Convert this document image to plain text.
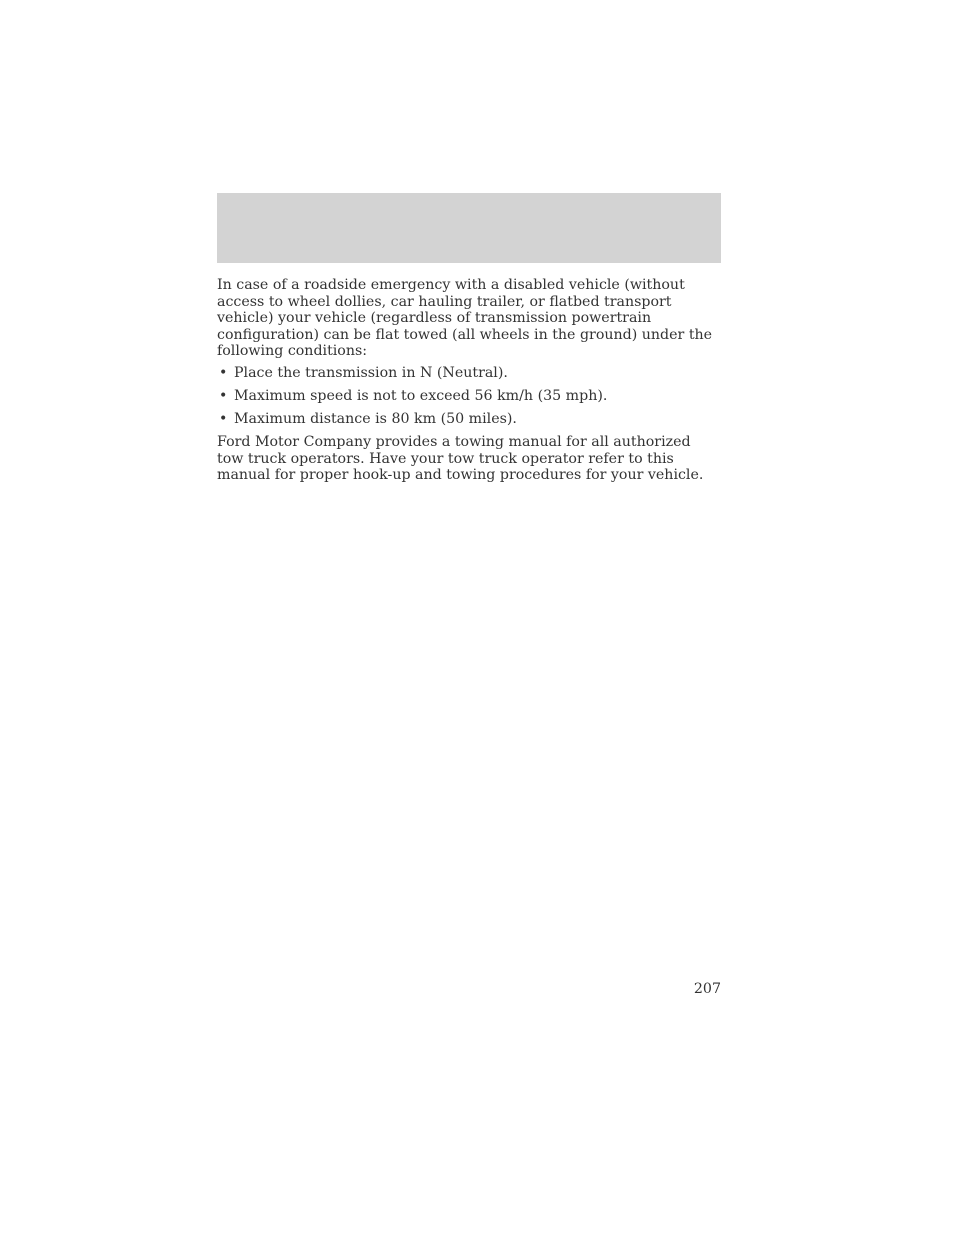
In case of a roadside emergency with a disabled vehicle (without access to wheel dollies, car hauling trailer, or flatbed transport vehicle) your vehicle (regardless of transmission powertrain configuration) can be flat towed (all wheels in the ground) under the following conditions:

• Place the transmission in N (Neutral).
• Maximum speed is not to exceed 56 km/h (35 mph).
• Maximum distance is 80 km (50 miles).

Ford Motor Company provides a towing manual for all authorized tow truck operators. Have your tow truck operator refer to this manual for proper hook-up and towing procedures for your vehicle.

207
